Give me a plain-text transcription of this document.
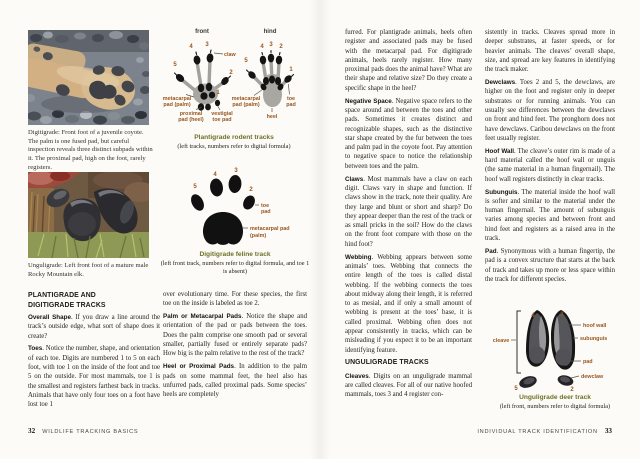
Digitigrade: Front foot of a juvenile coyote. The palm is one fused pad, but careful inspection reveals three distinct subpads within it. The proximal pad, high on the foot, rarely registers.
Unguligrade: Left front foot of a mature male Rocky Mountain elk.
PLANTIGRADE AND DIGITIGRADE TRACKS

Overall Shape. If you draw a line around the track’s outside edge, what sort of shape does it create?

Toes. Notice the number, shape, and orientation of each toe. Digits are numbered 1 to 5 on each foot, with toe 1 on the inside of the foot and toe 5 on the outside. For most mammals, toe 1 is the smallest and registers farthest back in tracks. Animals that have only four toes on a foot have lost toe 1

front
4 3
5
2
1
claw
metacarpal
pad (palm)
proximal
pad (heel)
vestigial
toe pad
hind
4 3 2
5
1
metacarpal
pad (palm)
toe
pad
heel
Plantigrade rodent tracks
(left tracks, numbers refer to digital formula)
5
4
3
2
toe
pad
metacarpal pad
(palm)
Digitigrade feline track
(left front track, numbers refer to digital formula, and toe 1 is absent)

over evolutionary time. For these species, the first toe on the inside is labeled as toe 2.

Palm or Metacarpal Pads. Notice the shape and orientation of the pad or pads between the toes. Does the palm comprise one smooth pad or several smaller, partially fused or entirely separate pads? How big is the palm relative to the rest of the track?

Heel or Proximal Pads. In addition to the palm pads on some mammal feet, the heel also has unfurred pads, called proximal pads. Some species’ heels are completely

32 WILDLIFE TRACKING BASICS

furred. For plantigrade animals, heels often register and associated pads may be fused with the metacarpal pad. For digitigrade animals, heels rarely register. How many proximal pads does the animal have? What are their shape and relative size? Do they create a specific shape in the heel?

Negative Space. Negative space refers to the space around and between the toes and other pads. Sometimes it creates distinct and recognizable shapes, such as the distinctive star shape created by the fur between the toes and palm pad in the coyote foot. Pay attention to negative space to notice the relationship between toes and the palm.

Claws. Most mammals have a claw on each digit. Claws vary in shape and function. If claws show in the track, note their quality. Are they large and blunt or short and sharp? Do they appear deeper than the rest of the track or as small pricks in the soil? How do the claws on the front foot compare with those on the hind foot?

Webbing. Webbing appears between some animals’ toes. Webbing that connects the entire length of the toes is called distal webbing. If the webbing connects the toes about midway along their length, it is referred to as mesial, and if only a small amount of webbing is present at the toes’ base, it is called proximal. Webbing often does not appear consistently in tracks, which can be misleading if you expect it to be an important identifying feature.

UNGULIGRADE TRACKS

Cleaves. Digits on an unguligrade mammal are called cleaves. For all of our native hoofed mammals, toes 3 and 4 register con-

sistently in tracks. Cleaves spread more in deeper substrates, at faster speeds, or for heavier animals. The cleaves’ overall shape, size, and spread are key features in identifying the track maker.

Dewclaws. Toes 2 and 5, the dewclaws, are higher on the foot and register only in deeper substrates or for running animals. You can usually see differences between the dewclaws on front and hind feet. The pronghorn does not have dewclaws. Caribou dewclaws on the front feet usually register.

Hoof Wall. The cleave’s outer rim is made of a hard material called the hoof wall or unguis (the same material in a human fingernail). The hoof wall registers distinctly in clear tracks.

Subunguis. The material inside the hoof wall is softer and similar to the material under the human fingernail. The amount of subunguis varies among species and between front and hind feet and registers as a raised area in the track.

Pad. Synonymous with a human fingertip, the pad is a convex structure that starts at the back of track and takes up more or less space within the track for different species.

cleave
4	3
5	2
hoof wall
subunguis
pad
dewclaw
Unguligrade deer track
(left front, numbers refer to digital formula)
INDIVIDUAL TRACK IDENTIFICATION 33
